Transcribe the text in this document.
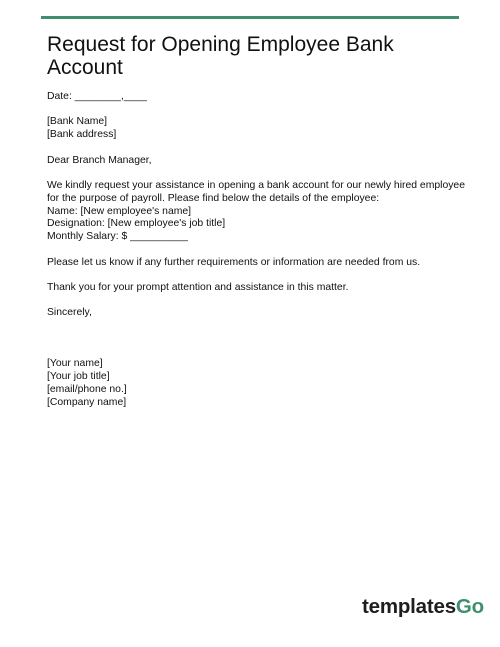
Request for Opening Employee Bank Account
Date: ________,____
[Bank Name]
[Bank address]
Dear Branch Manager,
We kindly request your assistance in opening a bank account for our newly hired employee
for the purpose of payroll. Please find below the details of the employee:
Name: [New employee's name]
Designation: [New employee's job title]
Monthly Salary: $ __________
Please let us know if any further requirements or information are needed from us.
Thank you for your prompt attention and assistance in this matter.
Sincerely,
[Your name]
[Your job title]
[email/phone no.]
[Company name]
templatesGo
